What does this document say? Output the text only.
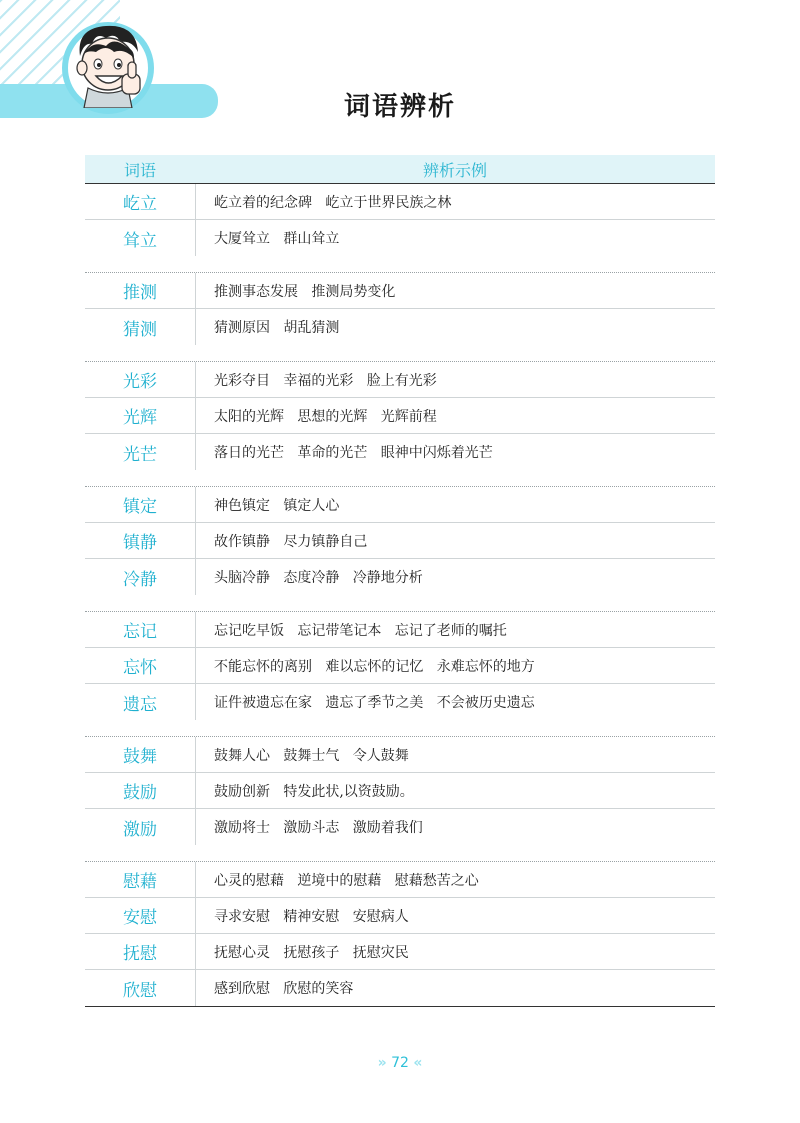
词语辨析
词语	辨析示例
屹立	屹立着的纪念碑   屹立于世界民族之林
耸立	大厦耸立   群山耸立
推测	推测事态发展   推测局势变化
猜测	猜测原因   胡乱猜测
光彩	光彩夺目   幸福的光彩   脸上有光彩
光辉	太阳的光辉   思想的光辉   光辉前程
光芒	落日的光芒   革命的光芒   眼神中闪烁着光芒
镇定	神色镇定   镇定人心
镇静	故作镇静   尽力镇静自己
冷静	头脑冷静   态度冷静   冷静地分析
忘记	忘记吃早饭   忘记带笔记本   忘记了老师的嘱托
忘怀	不能忘怀的离别   难以忘怀的记忆   永难忘怀的地方
遗忘	证件被遗忘在家   遗忘了季节之美   不会被历史遗忘
鼓舞	鼓舞人心   鼓舞士气   令人鼓舞
鼓励	鼓励创新   特发此状,以资鼓励。
激励	激励将士   激励斗志   激励着我们
慰藉	心灵的慰藉   逆境中的慰藉   慰藉愁苦之心
安慰	寻求安慰   精神安慰   安慰病人
抚慰	抚慰心灵   抚慰孩子   抚慰灾民
欣慰	感到欣慰   欣慰的笑容
» 72 «
